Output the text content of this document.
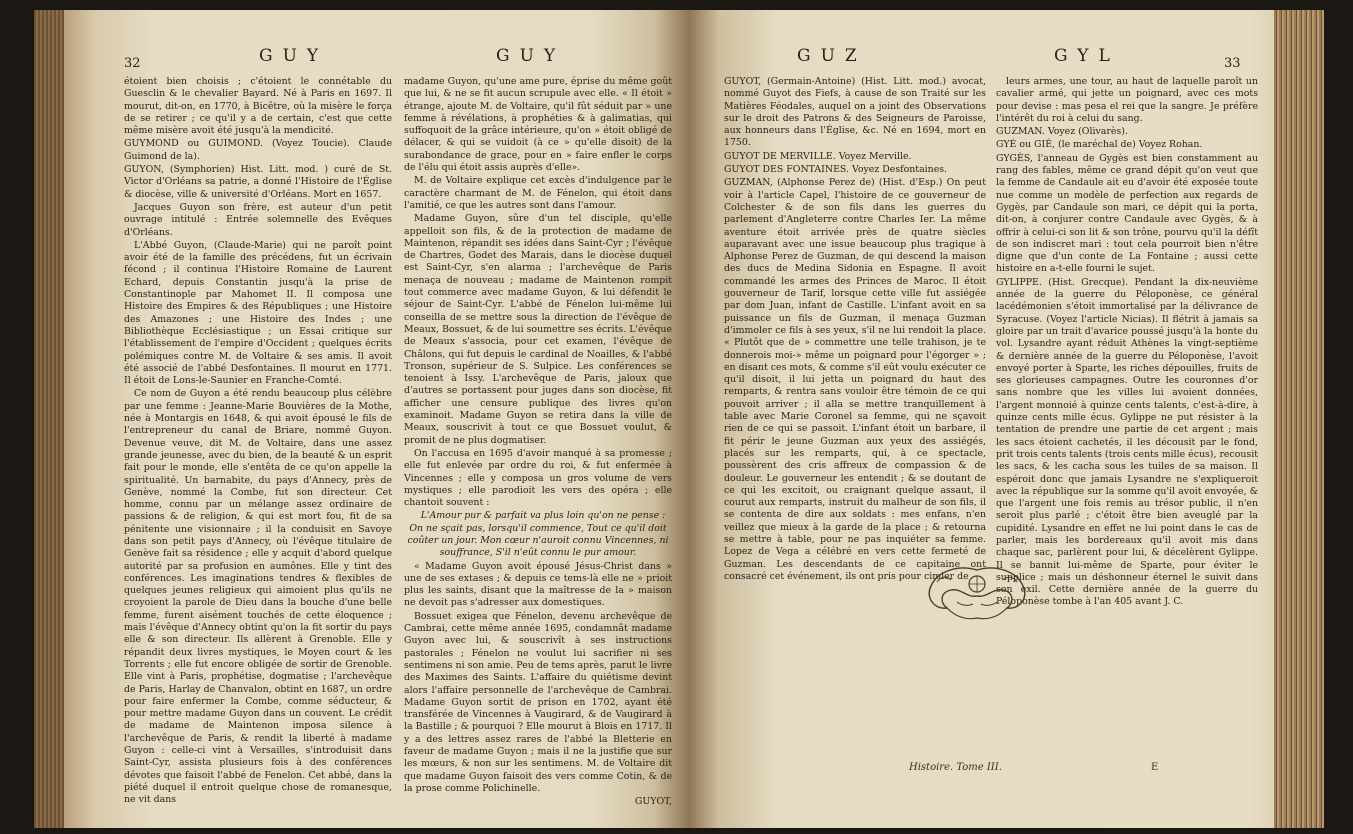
32	GUY	GUY

étoient bien choisis ; c'étoient le connétable du Guesclin & le chevalier Bayard. Né à Paris en 1697. Il mourut, dit-on, en 1770, à Bicêtre, où la misère le força de se retirer ; ce qu'il y a de certain, c'est que cette même misère avoit été jusqu'à la mendicité.

GUYMOND ou GUIMOND. (Voyez Toucie). Claude Guimond de la).

GUYON, (Symphorien) Hist. Litt. mod. ) curé de St. Victor d'Orléans sa patrie, a donné l'Histoire de l'Église & diocèse, ville & université d'Orléans. Mort en 1657.

Jacques Guyon son frère, est auteur d'un petit ouvrage intitulé : Entrée solemnelle des Evêques d'Orléans.

L'Abbé Guyon, (Claude-Marie) qui ne paroît point avoir été de la famille des précédens, fut un écrivain fécond ; il continua l'Histoire Romaine de Laurent Echard, depuis Constantin jusqu'à la prise de Constantinople par Mahomet II. Il composa une Histoire des Empires & des Républiques ; une Histoire des Amazones ; une Histoire des Indes ; une Bibliothèque Ecclésiastique ; un Essai critique sur l'établissement de l'empire d'Occident ; quelques écrits polémiques contre M. de Voltaire & ses amis. Il avoit été associé de l'abbé Desfontaines. Il mourut en 1771. Il étoit de Lons-le-Saunier en Franche-Comté.

Ce nom de Guyon a été rendu beaucoup plus célèbre par une femme : Jeanne-Marie Bouvières de la Mothe, née à Montargis en 1648, & qui avoit épousé le fils de l'entrepreneur du canal de Briare, nommé Guyon. Devenue veuve, dit M. de Voltaire, dans une assez grande jeunesse, avec du bien, de la beauté & un esprit fait pour le monde, elle s'entêta de ce qu'on appelle la spiritualité. Un barnabite, du pays d'Annecy, près de Genève, nommé la Combe, fut son directeur. Cet homme, connu par un mélange assez ordinaire de passions & de religion, & qui est mort fou, fit de sa pénitente une visionnaire ; il la conduisit en Savoye dans son petit pays d'Annecy, où l'évêque titulaire de Genève fait sa résidence ; elle y acquit d'abord quelque autorité par sa profusion en aumônes. Elle y tint des conférences. Les imaginations tendres & flexibles de quelques jeunes religieux qui aimoient plus qu'ils ne croyoient la parole de Dieu dans la bouche d'une belle femme, furent aisément touchés de cette éloquence ; mais l'évêque d'Annecy obtint qu'on la fit sortir du pays elle & son directeur. Ils allèrent à Grenoble. Elle y répandit deux livres mystiques, le Moyen court & les Torrents ; elle fut encore obligée de sortir de Grenoble. Elle vint à Paris, prophétise, dogmatise ; l'archevêque de Paris, Harlay de Chanvalon, obtint en 1687, un ordre pour faire enfermer la Combe, comme séducteur, & pour mettre madame Guyon dans un couvent. Le crédit de madame de Maintenon imposa silence à l'archevêque de Paris, & rendit la liberté à madame Guyon : celle-ci vint à Versailles, s'introduisit dans Saint-Cyr, assista plusieurs fois à des conférences dévotes que faisoit l'abbé de Fenelon. Cet abbé, dans la piété duquel il entroit quelque chose de romanesque, ne vit dans

madame Guyon, qu'une ame pure, éprise du même goût que lui, & ne se fit aucun scrupule avec elle. « Il étoit » étrange, ajoute M. de Voltaire, qu'il fût séduit par » une femme à révélations, à prophéties & à galimatias, qui suffoquoit de la grâce intérieure, qu'on » étoit obligé de délacer, & qui se vuidoit (à ce » qu'elle disoit) de la surabondance de grace, pour en » faire enfler le corps de l'élu qui étoit assis auprès d'elle».

M. de Voltaire explique cet excès d'indulgence par le caractère charmant de M. de Fénelon, qui étoit dans l'amitié, ce que les autres sont dans l'amour.

Madame Guyon, sûre d'un tel disciple, qu'elle appelloit son fils, & de la protection de madame de Maintenon, répandit ses idées dans Saint-Cyr ; l'évêque de Chartres, Godet des Marais, dans le diocèse duquel est Saint-Cyr, s'en alarma ; l'archevêque de Paris menaça de nouveau ; madame de Maintenon rompit tout commerce avec madame Guyon, & lui défendit le séjour de Saint-Cyr. L'abbé de Fénelon lui-même lui conseilla de se mettre sous la direction de l'évêque de Meaux, Bossuet, & de lui soumettre ses écrits. L'évêque de Meaux s'associa, pour cet examen, l'évêque de Châlons, qui fut depuis le cardinal de Noailles, & l'abbé Tronson, supérieur de S. Sulpice. Les conférences se tenoient à Issy. L'archevêque de Paris, jaloux que d'autres se portassent pour juges dans son diocèse, fit afficher une censure publique des livres qu'on examinoit. Madame Guyon se retira dans la ville de Meaux, souscrivit à tout ce que Bossuet voulut, & promit de ne plus dogmatiser.

On l'accusa en 1695 d'avoir manqué à sa promesse ; elle fut enlevée par ordre du roi, & fut enfermée à Vincennes ; elle y composa un gros volume de vers mystiques ; elle parodioit les vers des opéra ; elle chantoit souvent :

L'Amour pur & parfait va plus loin qu'on ne pense : On ne sçait pas, lorsqu'il commence, Tout ce qu'il doit coûter un jour. Mon cœur n'auroit connu Vincennes, ni souffrance, S'il n'eût connu le pur amour.

« Madame Guyon avoit épousé Jésus-Christ dans » une de ses extases ; & depuis ce tems-là elle ne » prioit plus les saints, disant que la maîtresse de la » maison ne devoit pas s'adresser aux domestiques.

Bossuet exigea que Fénelon, devenu archevêque de Cambrai, cette même année 1695, condamnât madame Guyon avec lui, & souscrivît à ses instructions pastorales ; Fénelon ne voulut lui sacrifier ni ses sentimens ni son amie. Peu de tems après, parut le livre des Maximes des Saints. L'affaire du quiétisme devint alors l'affaire personnelle de l'archevêque de Cambrai. Madame Guyon sortit de prison en 1702, ayant été transférée de Vincennes à Vaugirard, & de Vaugirard à la Bastille ; & pourquoi ? Elle mourut à Blois en 1717. Il y a des lettres assez rares de l'abbé la Bletterie en faveur de madame Guyon ; mais il ne la justifie que sur les mœurs, & non sur les sentimens. M. de Voltaire dit que madame Guyon faisoit des vers comme Cotin, & de la prose comme Polichinelle.

GUYOT,

GUZ	GYL	33

GUYOT, (Germain-Antoine) (Hist. Litt. mod.) avocat, nommé Guyot des Fiefs, à cause de son Traité sur les Matières Féodales, auquel on a joint des Observations sur le droit des Patrons & des Seigneurs de Paroisse, aux honneurs dans l'Église, &c. Né en 1694, mort en 1750.

GUYOT DE MERVILLE. Voyez Merville.

GUYOT DES FONTAINES. Voyez Desfontaines.

GUZMAN, (Alphonse Perez de) (Hist. d'Esp.) On peut voir à l'article Capel, l'histoire de ce gouverneur de Colchester & de son fils dans les guerres du parlement d'Angleterre contre Charles Ier. La même aventure étoit arrivée près de quatre siècles auparavant avec une issue beaucoup plus tragique à Alphonse Perez de Guzman, de qui descend la maison des ducs de Medina Sidonia en Espagne. Il avoit commandé les armes des Princes de Maroc. Il étoit gouverneur de Tarif, lorsque cette ville fut assiégée par dom Juan, infant de Castille. L'infant avoit en sa puissance un fils de Guzman, il menaça Guzman d'immoler ce fils à ses yeux, s'il ne lui rendoit la place. « Plutôt que de » commettre une telle trahison, je te donnerois moi-» même un poignard pour l'égorger » ; en disant ces mots, & comme s'il eût voulu exécuter ce qu'il disoit, il lui jetta un poignard du haut des remparts, & rentra sans vouloir être témoin de ce qui pouvoit arriver ; il alla se mettre tranquillement à table avec Marie Coronel sa femme, qui ne sçavoit rien de ce qui se passoit. L'infant étoit un barbare, il fit périr le jeune Guzman aux yeux des assiégés, placés sur les remparts, qui, à ce spectacle, poussèrent des cris affreux de compassion & de douleur. Le gouverneur les entendit ; & se doutant de ce qui les excitoit, ou craignant quelque assaut, il courut aux remparts, instruit du malheur de son fils, il se contenta de dire aux soldats : mes enfans, n'en veillez que mieux à la garde de la place ; & retourna se mettre à table, pour ne pas inquiéter sa femme. Lopez de Vega a célébré en vers cette fermeté de Guzman. Les descendants de ce capitaine ont consacré cet événement, ils ont pris pour cimier de

leurs armes, une tour, au haut de laquelle paroît un cavalier armé, qui jette un poignard, avec ces mots pour devise : mas pesa el rei que la sangre. Je préfère l'intérêt du roi à celui du sang.

GUZMAN. Voyez (Olivarès).

GYÉ ou GIÉ, (le maréchal de) Voyez Rohan.

GYGÈS, l'anneau de Gygès est bien constamment au rang des fables, même ce grand dépit qu'on veut que la femme de Candaule ait eu d'avoir été exposée toute nue comme un modèle de perfection aux regards de Gygès, par Candaule son mari, ce dépit qui la porta, dit-on, à conjurer contre Candaule avec Gygès, & à offrir à celui-ci son lit & son trône, pourvu qu'il la défît de son indiscret mari : tout cela pourroit bien n'être digne que d'un conte de La Fontaine ; aussi cette histoire en a-t-elle fourni le sujet.

GYLIPPE. (Hist. Grecque). Pendant la dix-neuvième année de la guerre du Péloponèse, ce général lacédémonien s'étoit immortalisé par la délivrance de Syracuse. (Voyez l'article Nicias). Il flétrit à jamais sa gloire par un trait d'avarice poussé jusqu'à la honte du vol. Lysandre ayant réduit Athènes la vingt-septième & dernière année de la guerre du Péloponèse, l'avoit envoyé porter à Sparte, les riches dépouilles, fruits de ses glorieuses campagnes. Outre les couronnes d'or sans nombre que les villes lui avoient données, l'argent monnoié à quinze cents talents, c'est-à-dire, à quinze cents mille écus. Gylippe ne put résister à la tentation de prendre une partie de cet argent ; mais les sacs étoient cachetés, il les décousit par le fond, prit trois cents talents (trois cents mille écus), recousit les sacs, & les cacha sous les tuiles de sa maison. Il espéroit donc que jamais Lysandre ne s'expliqueroit avec la république sur la somme qu'il avoit envoyée, & que l'argent une fois remis au trésor public, il n'en seroit plus parlé ; c'étoit être bien aveuglé par la cupidité. Lysandre en effet ne lui point dans le cas de parler, mais les bordereaux qu'il avoit mis dans chaque sac, parlèrent pour lui, & décelèrent Gylippe. Il se bannit lui-même de Sparte, pour éviter le supplice ; mais un déshonneur éternel le suivit dans son exil. Cette dernière année de la guerre du Péloponèse tombe à l'an 405 avant J. C.

Histoire. Tome III.	E
